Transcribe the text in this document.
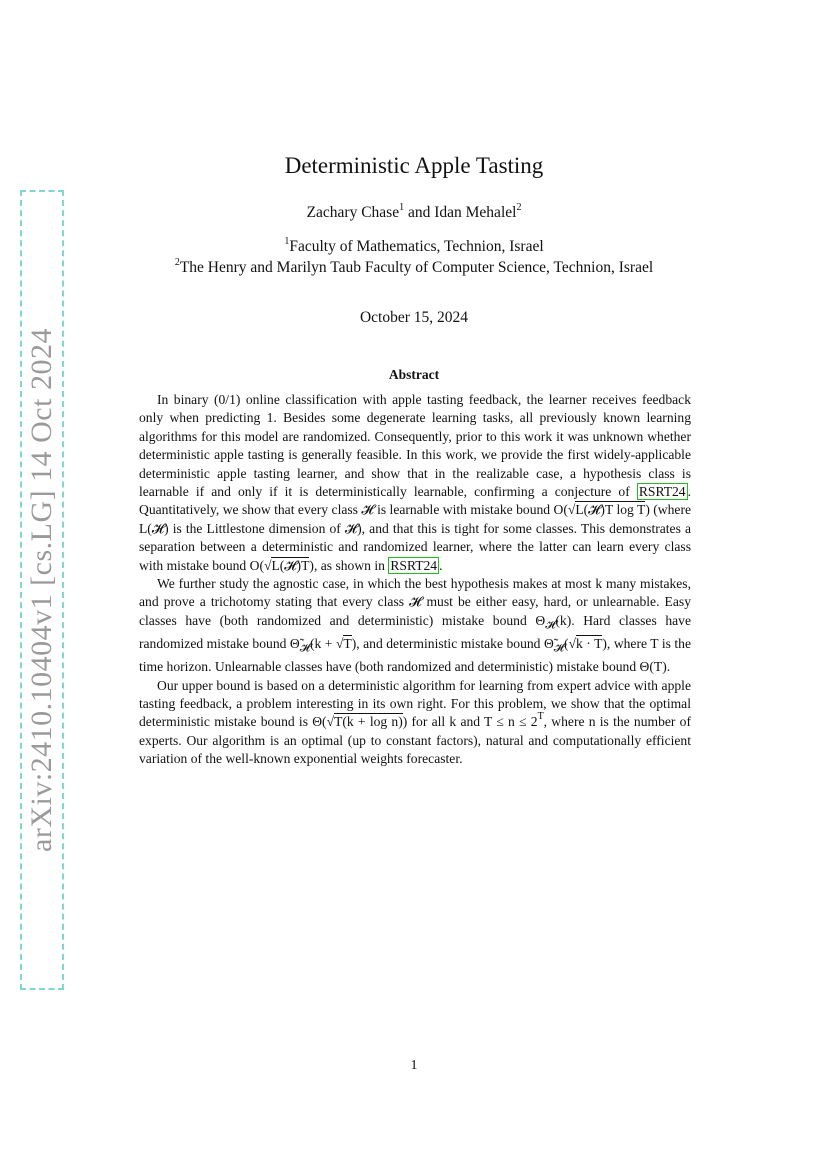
arXiv:2410.10404v1 [cs.LG] 14 Oct 2024
Deterministic Apple Tasting
Zachary Chase$^1$ and Idan Mehalel$^2$
$^1$Faculty of Mathematics, Technion, Israel
$^2$The Henry and Marilyn Taub Faculty of Computer Science, Technion, Israel
October 15, 2024
Abstract

In binary (0/1) online classification with apple tasting feedback, the learner receives feedback only when predicting 1. Besides some degenerate learning tasks, all previously known learning algorithms for this model are randomized. Consequently, prior to this work it was unknown whether deterministic apple tasting is generally feasible. In this work, we provide the first widely-applicable deterministic apple tasting learner, and show that in the realizable case, a hypothesis class is learnable if and only if it is deterministically learnable, confirming a conjecture of RSRT24 . Quantitatively, we show that every class 𝓗 is learnable with mistake bound O(√L(𝓗)T log T) (where L(𝓗) is the Littlestone dimension of 𝓗), and that this is tight for some classes. This demonstrates a separation between a deterministic and randomized learner, where the latter can learn every class with mistake bound O(√L(𝓗)T), as shown in RSRT24 .

We further study the agnostic case, in which the best hypothesis makes at most k many mistakes, and prove a trichotomy stating that every class 𝓗 must be either easy, hard, or unlearnable. Easy classes have (both randomized and deterministic) mistake bound $\Theta_𝓗(k)$. Hard classes have randomized mistake bound $\Thetã_𝓗(k + √T)$, and deterministic mistake bound $\Thetã_𝓗(√k \cdot T)$, where T is the time horizon. Unlearnable classes have (both randomized and deterministic) mistake bound Θ(T).

Our upper bound is based on a deterministic algorithm for learning from expert advice with apple tasting feedback, a problem interesting in its own right. For this problem, we show that the optimal deterministic mistake bound is Θ(√T(k + log n)) for all k and $T \le n \le 2^T$, where n is the number of experts. Our algorithm is an optimal (up to constant factors), natural and computationally efficient variation of the well-known exponential weights forecaster.

1
